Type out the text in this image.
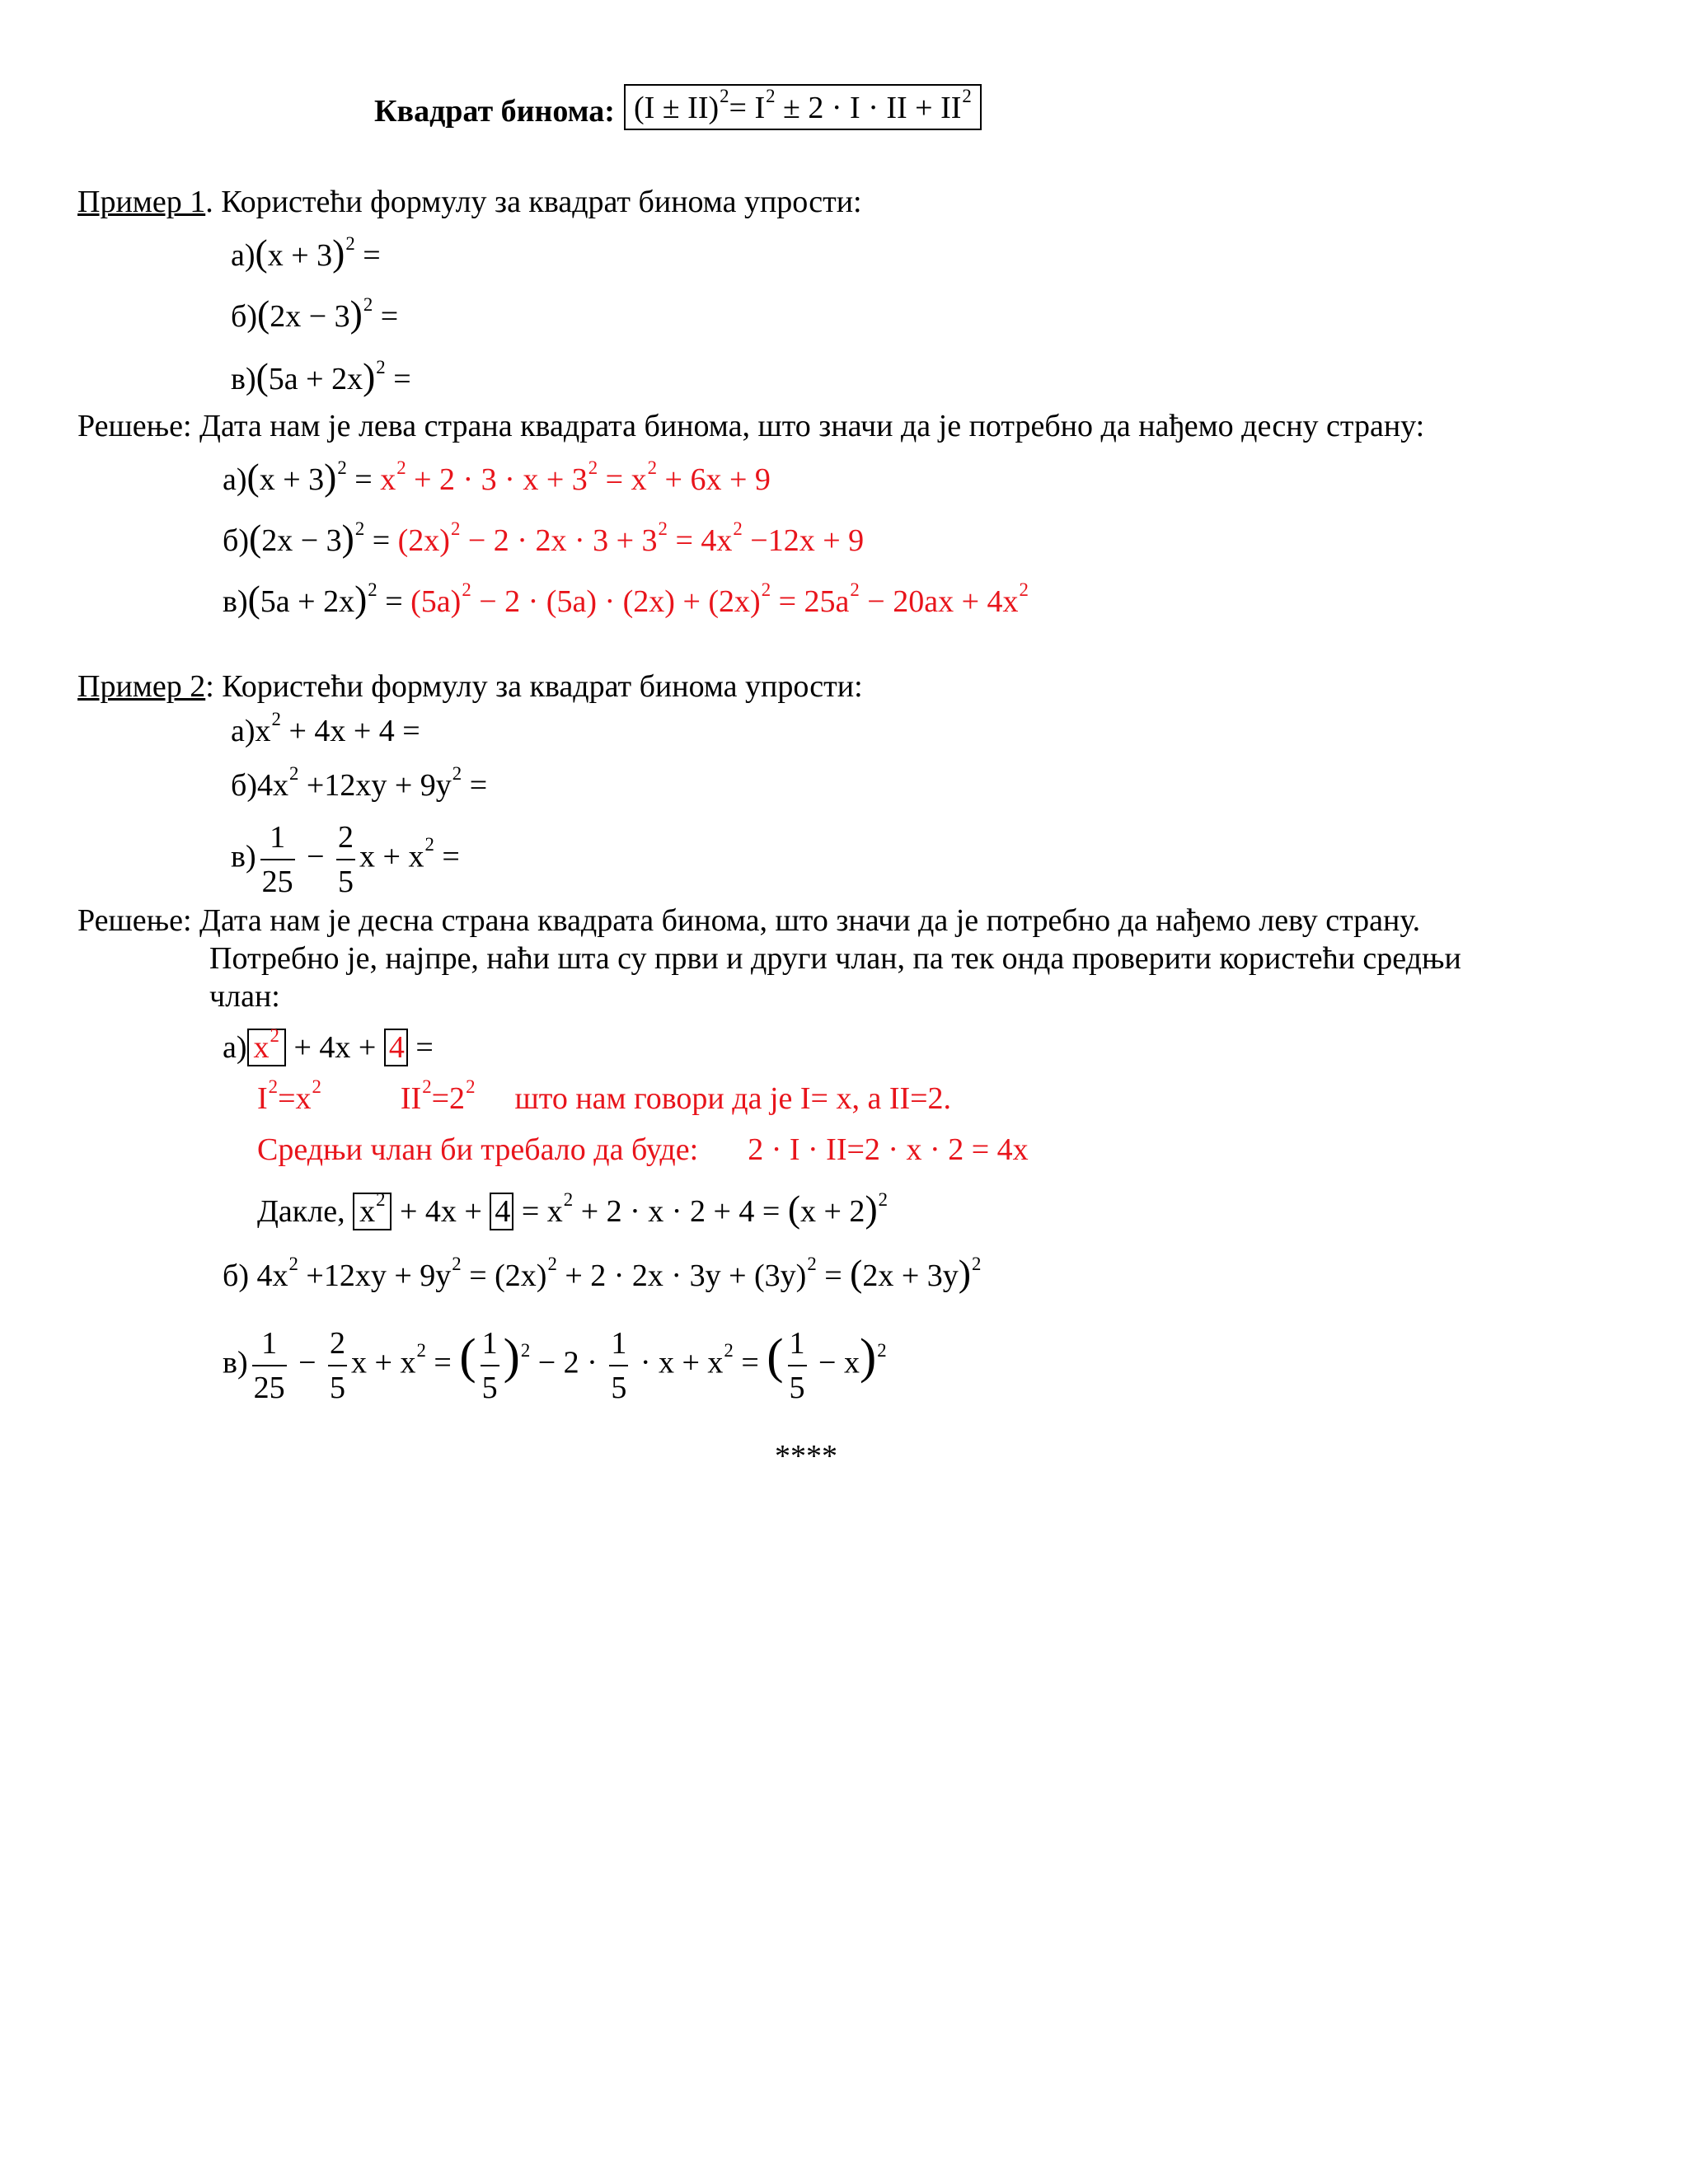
Квадрат бинома: $(I \pm II)^2= I^2 \pm 2 \cdot I$ · II + $II^2$
Пример 1. Користећи формулу за квадрат бинома упрости:
$а)(x + 3)^2$ =
$б)(2x - 3)^2$ =
$в)(5a + 2x)^2$ =
Решење: Дата нам је лева страна квадрата бинома, што значи да је потребно да нађемо десну страну:
$а)(x + 3)^2 = x^2 + 2 \cdot 3 \cdot x + 3^2 = x^2 + 6x + 9$
$б)(2x - 3)^2 = (2x)^2 - 2 \cdot 2x \cdot 3 + 3^2 = 4x^2 -12x + 9$
$в)(5a + 2x)^2 = (5a)^2 - 2 \cdot (5a) \cdot (2x) + (2x)^2 = 25a^2 - 20ax + 4x^2$
Пример 2: Користећи формулу за квадрат бинома упрости:
$а)x^2 + 4x + 4$ =
$б)4x^2 +12xy + 9y^2$ =
$в) \frac{1}{25} - \frac{2}{5}$ $x + x^2$ =
Решење: Дата нам је десна страна квадрата бинома, што значи да је потребно да нађемо леву страну.
Потребно је, најпре, наћи шта су први и други члан, па тек онда проверити користећи средњи
члан:
а) $x^2 + 4x + 4$ =
$I^2=x^2$	$II^2=2^2$ што нам говори да је I= x, а II=2.
Средњи члан би требало да буде: 2 · I · II=2 · x · 2 = 4x
Дакле, $x^2 + 4x + 4 = x^2 + 2 \cdot x \cdot 2 + 4 = (x + 2)^2$
б) $4x^2 +12xy + 9y^2 = (2x)^2 + 2 \cdot 2x \cdot 3y + (3y)^2 = (2x + 3y)^2$
$в) \frac{1}{25} - \frac{2}{5}$ $x + x^2$ = ( $\frac{1}{5} )^2 - 2 \cdot \frac{1}{5} \cdot x + x^2$ = ( $\frac{1}{5} - x)^2$
****
